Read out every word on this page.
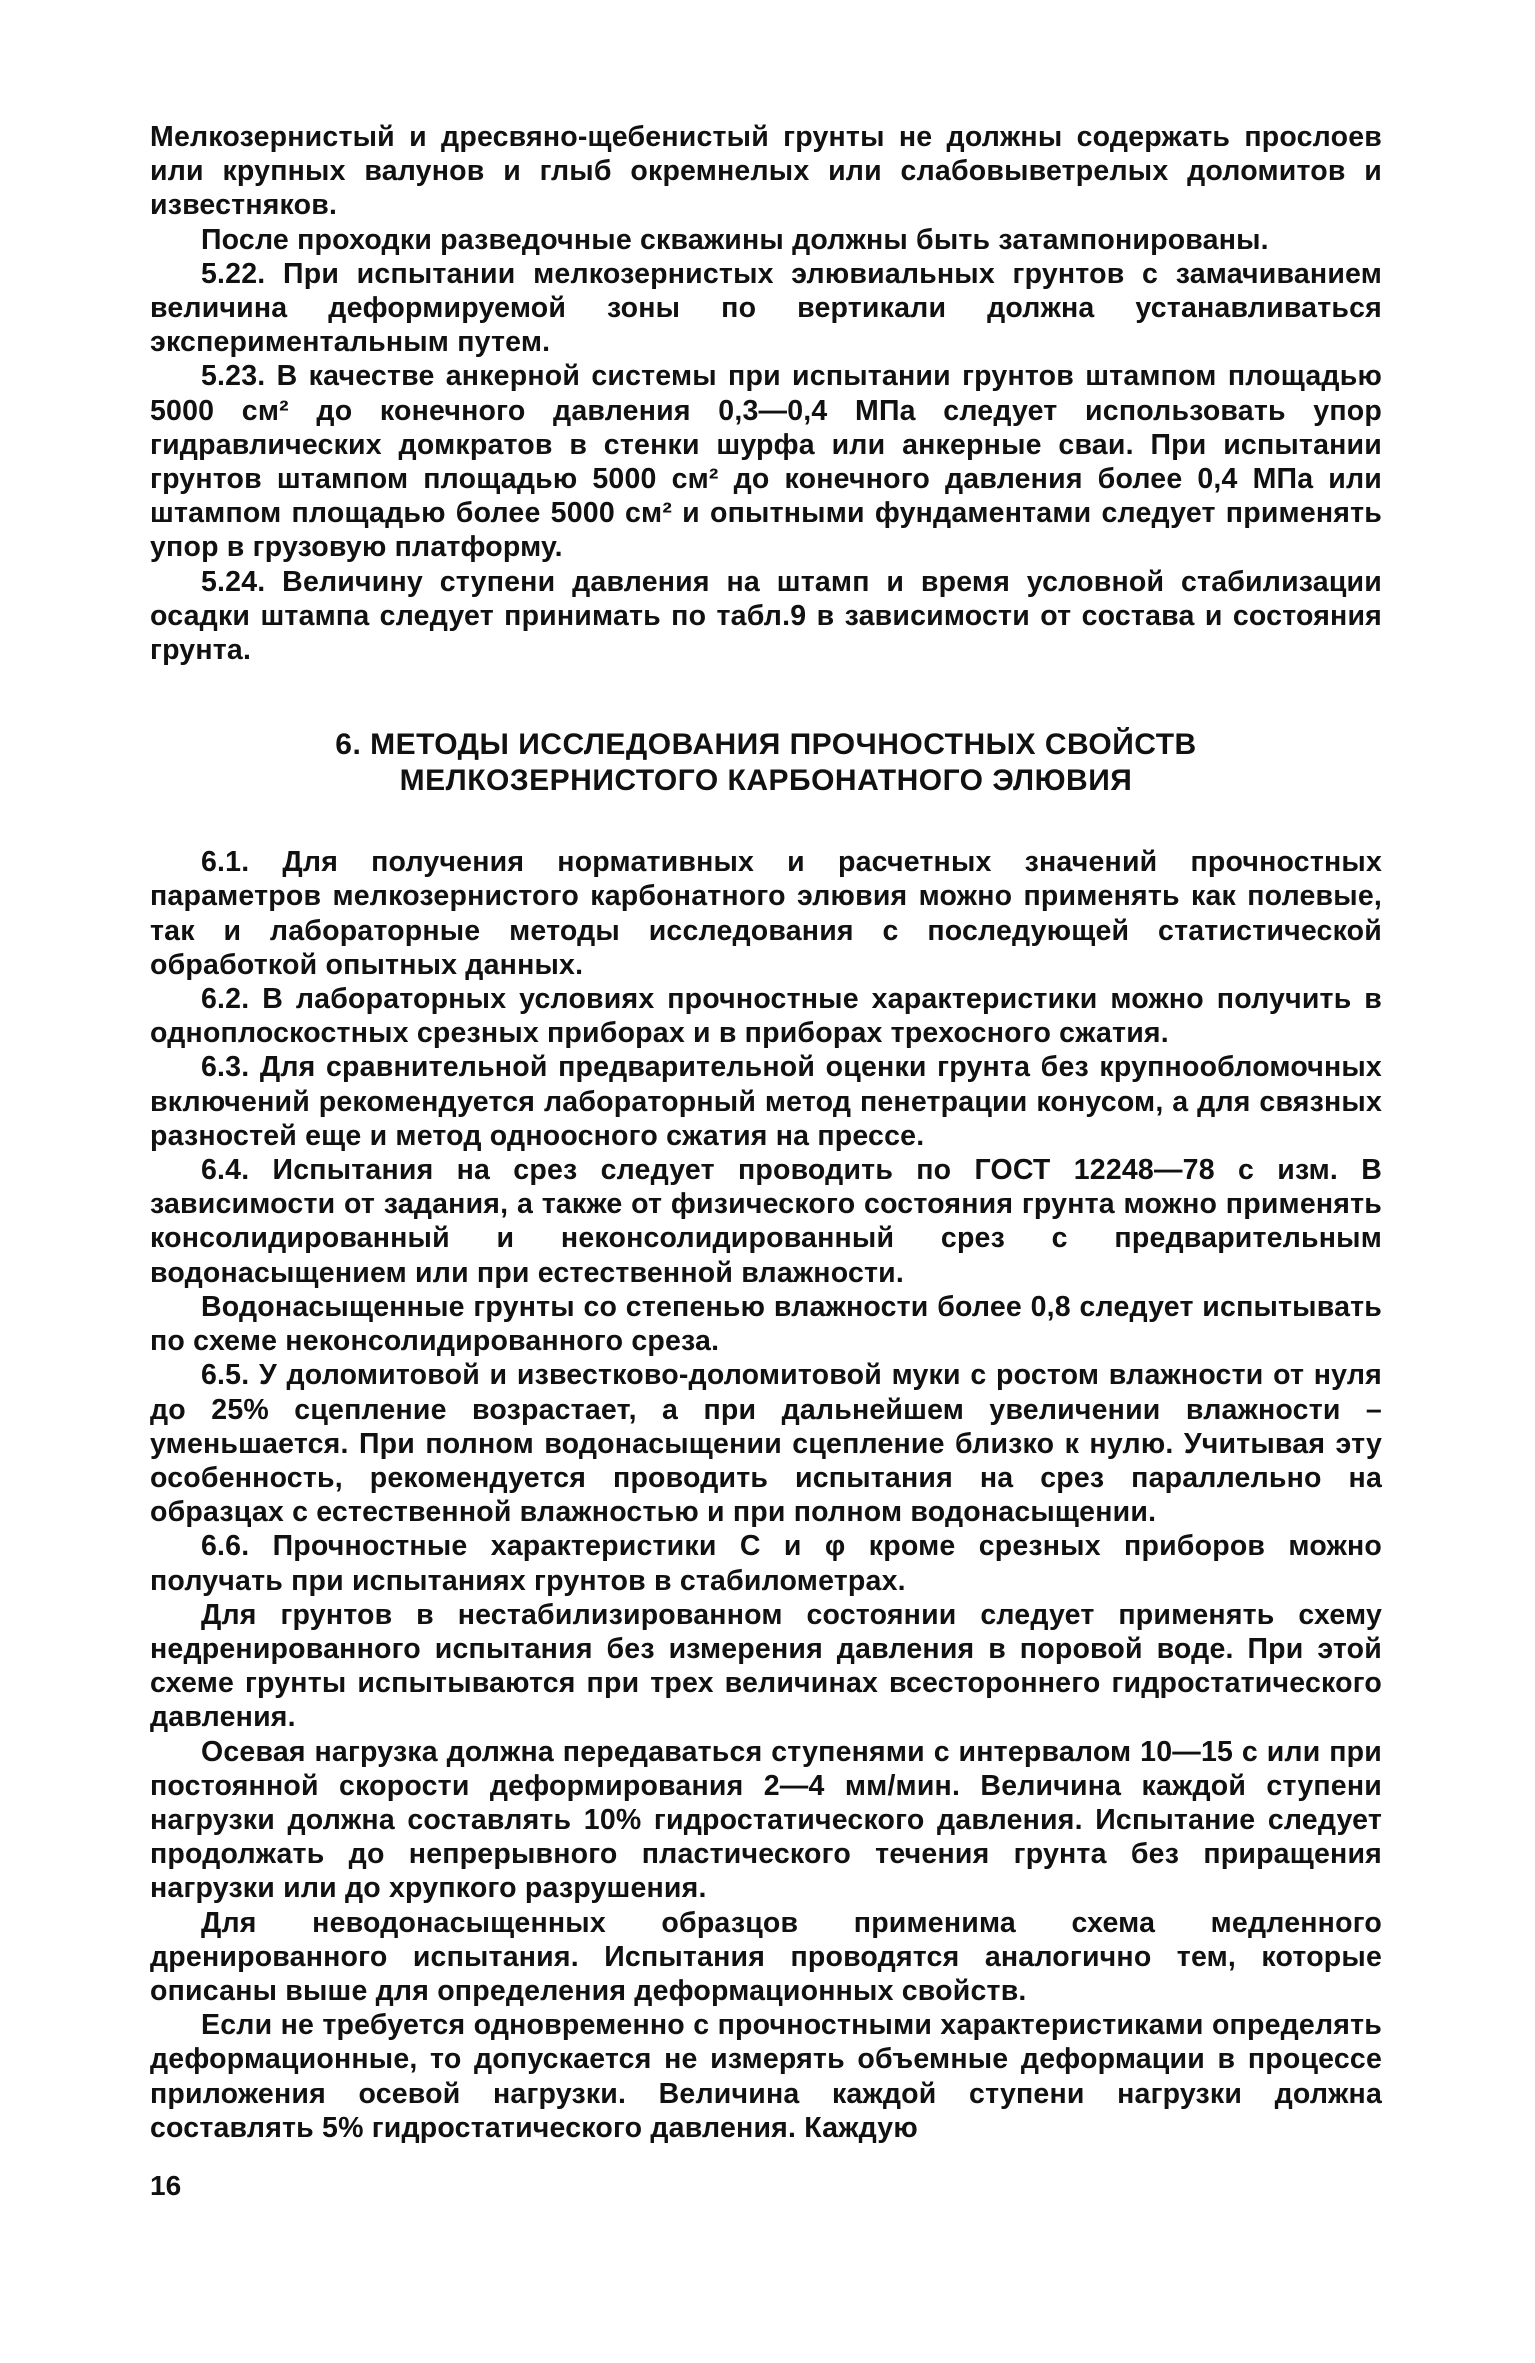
Мелкозернистый и дресвяно-щебенистый грунты не должны содержать прослоев или крупных валунов и глыб окремнелых или слабовыветрелых доломитов и известняков.

После проходки разведочные скважины должны быть затампонированы.

5.22. При испытании мелкозернистых элювиальных грунтов с замачиванием величина деформируемой зоны по вертикали должна устанавливаться экспериментальным путем.

5.23. В качестве анкерной системы при испытании грунтов штампом площадью 5000 см² до конечного давления 0,3—0,4 МПа следует использовать упор гидравлических домкратов в стенки шурфа или анкерные сваи. При испытании грунтов штампом площадью 5000 см² до конечного давления более 0,4 МПа или штампом площадью более 5000 см² и опытными фундаментами следует применять упор в грузовую платформу.

5.24. Величину ступени давления на штамп и время условной стабилизации осадки штампа следует принимать по табл.9 в зависимости от состава и состояния грунта.

6. МЕТОДЫ ИССЛЕДОВАНИЯ ПРОЧНОСТНЫХ СВОЙСТВ

МЕЛКОЗЕРНИСТОГО КАРБОНАТНОГО ЭЛЮВИЯ

6.1. Для получения нормативных и расчетных значений прочностных параметров мелкозернистого карбонатного элювия можно применять как полевые, так и лабораторные методы исследования с последующей статистической обработкой опытных данных.

6.2. В лабораторных условиях прочностные характеристики можно получить в одноплоскостных срезных приборах и в приборах трехосного сжатия.

6.3. Для сравнительной предварительной оценки грунта без крупнообломочных включений рекомендуется лабораторный метод пенетрации конусом, а для связных разностей еще и метод одноосного сжатия на прессе.

6.4. Испытания на срез следует проводить по ГОСТ 12248—78 с изм. В зависимости от задания, а также от физического состояния грунта можно применять консолидированный и неконсолидированный срез с предварительным водонасыщением или при естественной влажности.

Водонасыщенные грунты со степенью влажности более 0,8 следует испытывать по схеме неконсолидированного среза.

6.5. У доломитовой и известково-доломитовой муки с ростом влажности от нуля до 25% сцепление возрастает, а при дальнейшем увеличении влажности – уменьшается. При полном водонасыщении сцепление близко к нулю. Учитывая эту особенность, рекомендуется проводить испытания на срез параллельно на образцах с естественной влажностью и при полном водонасыщении.

6.6. Прочностные характеристики С и φ кроме срезных приборов можно получать при испытаниях грунтов в стабилометрах.

Для грунтов в нестабилизированном состоянии следует применять схему недренированного испытания без измерения давления в поровой воде. При этой схеме грунты испытываются при трех величинах всестороннего гидростатического давления.

Осевая нагрузка должна передаваться ступенями с интервалом 10—15 с или при постоянной скорости деформирования 2—4 мм/мин. Величина каждой ступени нагрузки должна составлять 10% гидростатического давления. Испытание следует продолжать до непрерывного пластического течения грунта без приращения нагрузки или до хрупкого разрушения.

Для неводонасыщенных образцов применима схема медленного дренированного испытания. Испытания проводятся аналогично тем, которые описаны выше для определения деформационных свойств.

Если не требуется одновременно с прочностными характеристиками определять деформационные, то допускается не измерять объемные деформации в процессе приложения осевой нагрузки. Величина каждой ступени нагрузки должна составлять 5% гидростатического давления. Каждую

16
